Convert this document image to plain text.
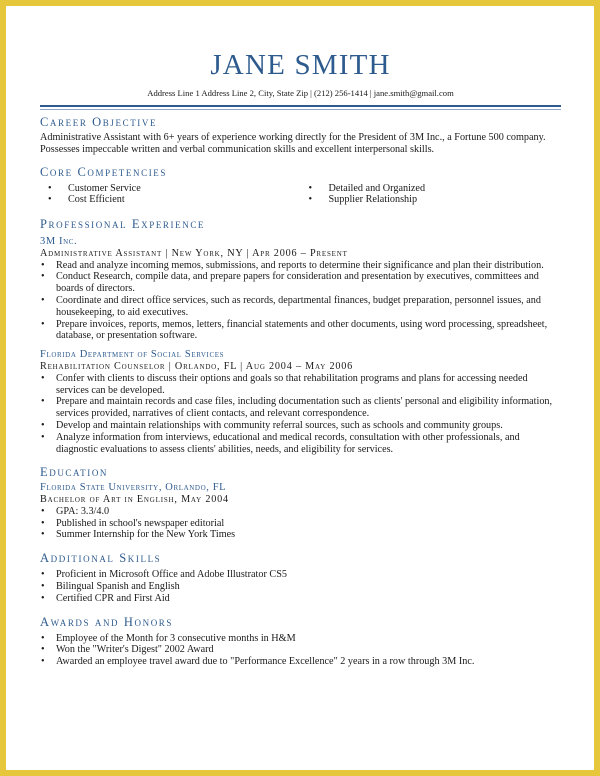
JANE SMITH
Address Line 1 Address Line 2, City, State Zip | (212) 256-1414 | jane.smith@gmail.com
Career Objective
Administrative Assistant with 6+ years of experience working directly for the President of 3M Inc., a Fortune 500 company. Possesses impeccable written and verbal communication skills and excellent interpersonal skills.
Core Competencies
• Customer Service
• Cost Efficient
• Detailed and Organized
• Supplier Relationship
Professional Experience
3M Inc.
Administrative Assistant | New York, NY | Apr 2006 – Present
• Read and analyze incoming memos, submissions, and reports to determine their significance and plan their distribution.
• Conduct Research, compile data, and prepare papers for consideration and presentation by executives, committees and boards of directors.
• Coordinate and direct office services, such as records, departmental finances, budget preparation, personnel issues, and housekeeping, to aid executives.
• Prepare invoices, reports, memos, letters, financial statements and other documents, using word processing, spreadsheet, database, or presentation software.
Florida Department of Social Services
Rehabilitation Counselor | Orlando, FL | Aug 2004 – May 2006
• Confer with clients to discuss their options and goals so that rehabilitation programs and plans for accessing needed services can be developed.
• Prepare and maintain records and case files, including documentation such as clients' personal and eligibility information, services provided, narratives of client contacts, and relevant correspondence.
• Develop and maintain relationships with community referral sources, such as schools and community groups.
• Analyze information from interviews, educational and medical records, consultation with other professionals, and diagnostic evaluations to assess clients' abilities, needs, and eligibility for services.
Education
Florida State University, Orlando, FL
Bachelor of Art in English, May 2004
• GPA: 3.3/4.0
• Published in school's newspaper editorial
• Summer Internship for the New York Times
Additional Skills
• Proficient in Microsoft Office and Adobe Illustrator CS5
• Bilingual Spanish and English
• Certified CPR and First Aid
Awards and Honors
• Employee of the Month for 3 consecutive months in H&M
• Won the "Writer's Digest" 2002 Award
• Awarded an employee travel award due to "Performance Excellence" 2 years in a row through 3M Inc.
